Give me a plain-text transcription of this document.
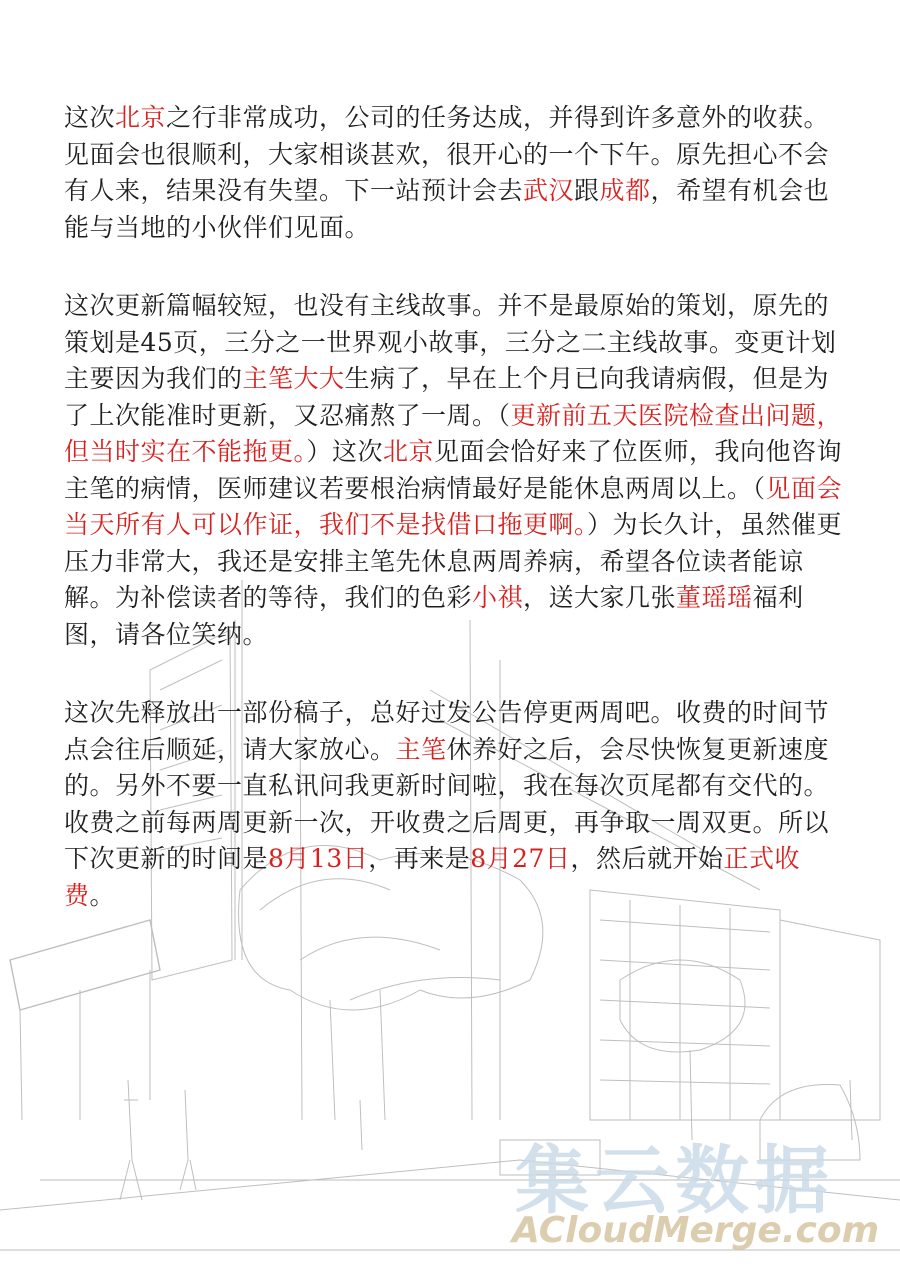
这次北京之行非常成功，公司的任务达成，并得到许多意外的收获。见面会也很顺利，大家相谈甚欢，很开心的一个下午。原先担心不会有人来，结果没有失望。下一站预计会去武汉跟成都，希望有机会也能与当地的小伙伴们见面。

这次更新篇幅较短，也没有主线故事。并不是最原始的策划，原先的策划是45页，三分之一世界观小故事，三分之二主线故事。变更计划主要因为我们的主笔大大生病了，早在上个月已向我请病假，但是为了上次能准时更新，又忍痛熬了一周。（更新前五天医院检查出问题，但当时实在不能拖更。）这次北京见面会恰好来了位医师，我向他咨询主笔的病情，医师建议若要根治病情最好是能休息两周以上。（见面会当天所有人可以作证，我们不是找借口拖更啊。）为长久计，虽然催更压力非常大，我还是安排主笔先休息两周养病，希望各位读者能谅解。为补偿读者的等待，我们的色彩小祺，送大家几张董瑶瑶福利图，请各位笑纳。

这次先释放出一部份稿子，总好过发公告停更两周吧。收费的时间节点会往后顺延，请大家放心。主笔休养好之后，会尽快恢复更新速度的。另外不要一直私讯问我更新时间啦，我在每次页尾都有交代的。收费之前每两周更新一次，开收费之后周更，再争取一周双更。所以下次更新的时间是8月13日，再来是8月27日，然后就开始正式收费。

集云数据
ACloudMerge.com
